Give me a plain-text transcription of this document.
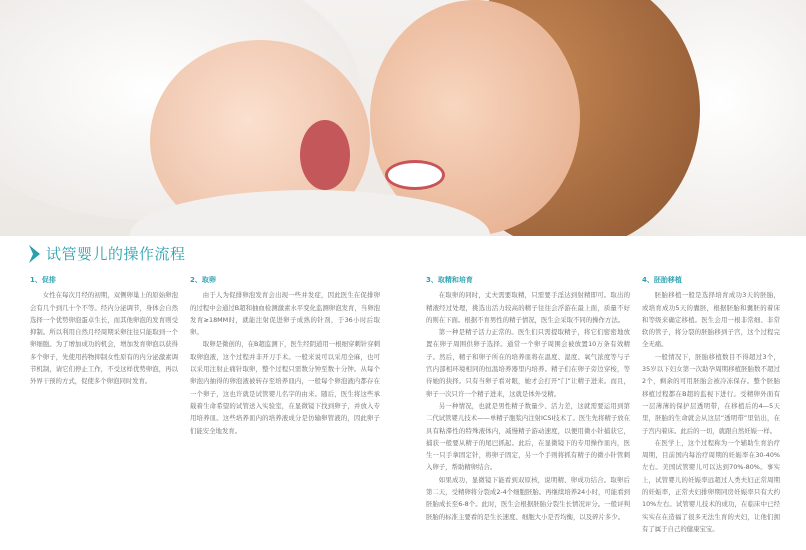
试管婴儿的操作流程
1、促排

女性在每次月经的初期，双侧卵巢上的原始卵泡会有几个到几十个不等。经内分泌调节，身体会自然选择一个优势卵泡蛋卓生长，而其他卵泡的发育则受抑制。所以利用自然月经周期采卵往往只能取到一个卵细胞。为了增加成功的机会，增加发育卵泡以获得多个卵子，先使用药物抑制女性原有的内分泌激素调节机制，请它们停止工作，不受这样优势卵泡，再以外界干预的方式，促使多个卵泡同时发育。

2、取卵

由于人为促排卵泡发育会出现一些并发症，因此医生在促排卵的过程中会通过B超和抽血检测激素水平变化监测卵泡发育，当卵泡发育≥18MM时，就能注射促进卵子成熟的针剂，于36小时后取卵。

取卵是微创的，在B超监测下，医生经阴道用一根细穿刺针穿刺取卵泡液，这个过程并非开刀手术。一般来说可以采用全麻，也可以采用注射止痛针取卵，整个过程只需数分钟至数十分钟。从每个卵泡内抽得的卵泡液被转存至培养皿内，一般每个卵泡液内都存在一个卵子，这也许就是试管婴儿名字的由来。随后，医生将这些承载着生命希望的试管送入实验室，在显微镜下找到卵子，并放入专用培养皿。这些培养皿内的培养液成分是仿输卵管液的，因此卵子们能安全地发育。

3、取精和培育

在取卵的同时，丈夫需要取精，只需要手淫达到射精即可。取出的精液经过处理，挑选出活力较高的精子往往会浮游在最上面，质量不好的则在下面。根据不育男性的精子情况，医生会采取不同的操作方法。

第一种是精子活力正常的。医生们只需提取精子，将它们密密地放置在卵子周围供卵子选择。通常一个卵子周围会被放置10万条有效精子。然后，精子和卵子所在的培养皿将在温度、湿度、氧气浓度等与子宫内部相环境相同的恒温培养器里内培养。精子们在卵子旁边穿梭，等待她的抉择。只有当卵子看对眼，她才会打开“门”让精子进来。而且，卵子一次只许一个精子进来，这就是体外受精。

另一种情况，也就是男性精子数量少、活力差，这就需要运用到第二代试管婴儿技术——单精子胞浆内注射ICSI技术了。医生先将精子放在具有粘滞性的特殊液体内，减慢精子游动速度，以便用微小针捕获它，捕获一般要从精子的尾巴抓起。此后，在显微镜下的专用操作皿内，医生一只手拿固定针，将卵子固定，另一个手则将抓有精子的微小针管刺入卵子，帮助精卵结合。

如果成功，显微镜下能看到双原核，说明精、卵成功结合。取卵后第二天，受精卵将分裂成2-4个细胞胚胎。再继续培养24小时，可能看到胚胎成长至6-8个。此时，医生会根据胚胎分裂生长情况评分。一般评判胚胎的标准主要看的是生长速度、细胞大小是否均衡，以及碎片多少。

4、胚胎移植

胚胎移植一般是选择培育成功3天的胚胎，或培育成功5天的囊胚，根据胚胎和囊胚的着床和等级来确定移植。医生会用一根非常细、非常软的管子，将分裂的胚胎移到子宫，这个过程完全无痛。

一般情况下，胚胎移植数目不得超过3个，35岁以下妇女第一次助孕周期移植胚胎数不超过2个，剩余的可用胚胎会被冷冻保存。整个胚胎移植过程都在B超的监视下进行。受精卵外面有一层薄薄的保护层透明带，在移植后的4—5天里，胚胎的生命就会从这层“透明带”里钻出，在子宫内着床。此后的一切，就跟自然妊娠一样。

在医学上，这个过程称为一个辅助生育治疗周期，目前国内每治疗周期的妊娠率在30-40%左右。美国试管婴儿可以达到70%-80%。事实上，试管婴儿的妊娠率远超过人类夫妇正常周期的妊娠率，正常夫妇排卵期同房妊娠率只有大约10%左右。试管婴儿技术的成功，在临床中已经实实在在造福了很多无法生育的夫妇，让他们拥有了属于自己的健康宝宝。
